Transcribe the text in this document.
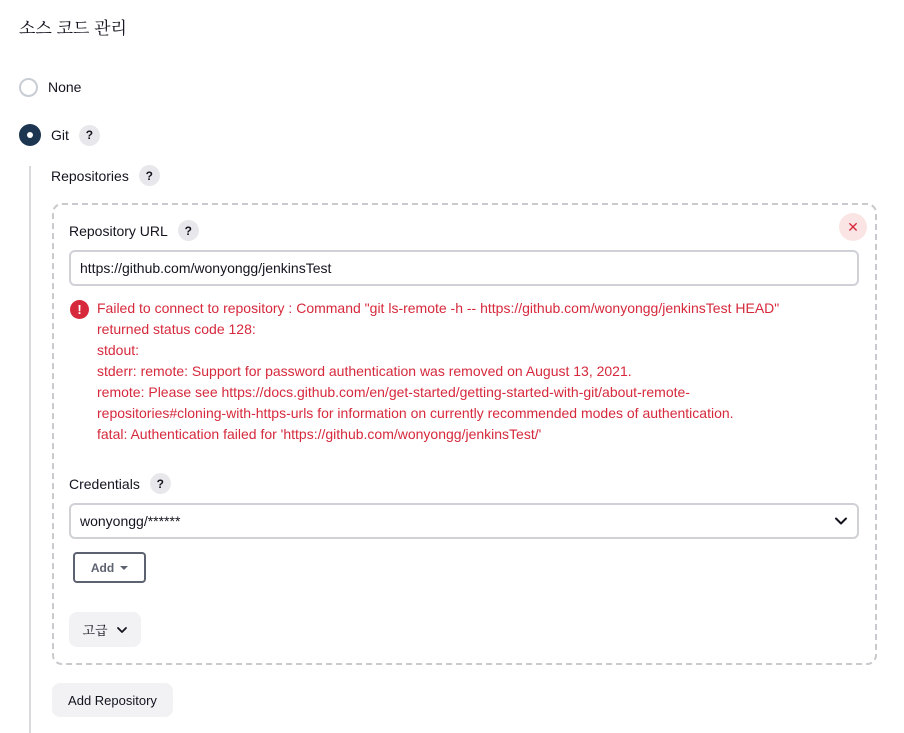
소스 코드 관리
None
Git	?
Repositories	?
✕
Repository URL	?
https://github.com/wonyongg/jenkinsTest
!	Failed to connect to repository : Command "git ls-remote -h -- https://github.com/wonyongg/jenkinsTest HEAD"
returned status code 128:
stdout:
stderr: remote: Support for password authentication was removed on August 13, 2021.
remote: Please see https://docs.github.com/en/get-started/getting-started-with-git/about-remote-
repositories#cloning-with-https-urls for information on currently recommended modes of authentication.
fatal: Authentication failed for 'https://github.com/wonyongg/jenkinsTest/'
Credentials	?
wonyongg/******
Add
고급
Add Repository
